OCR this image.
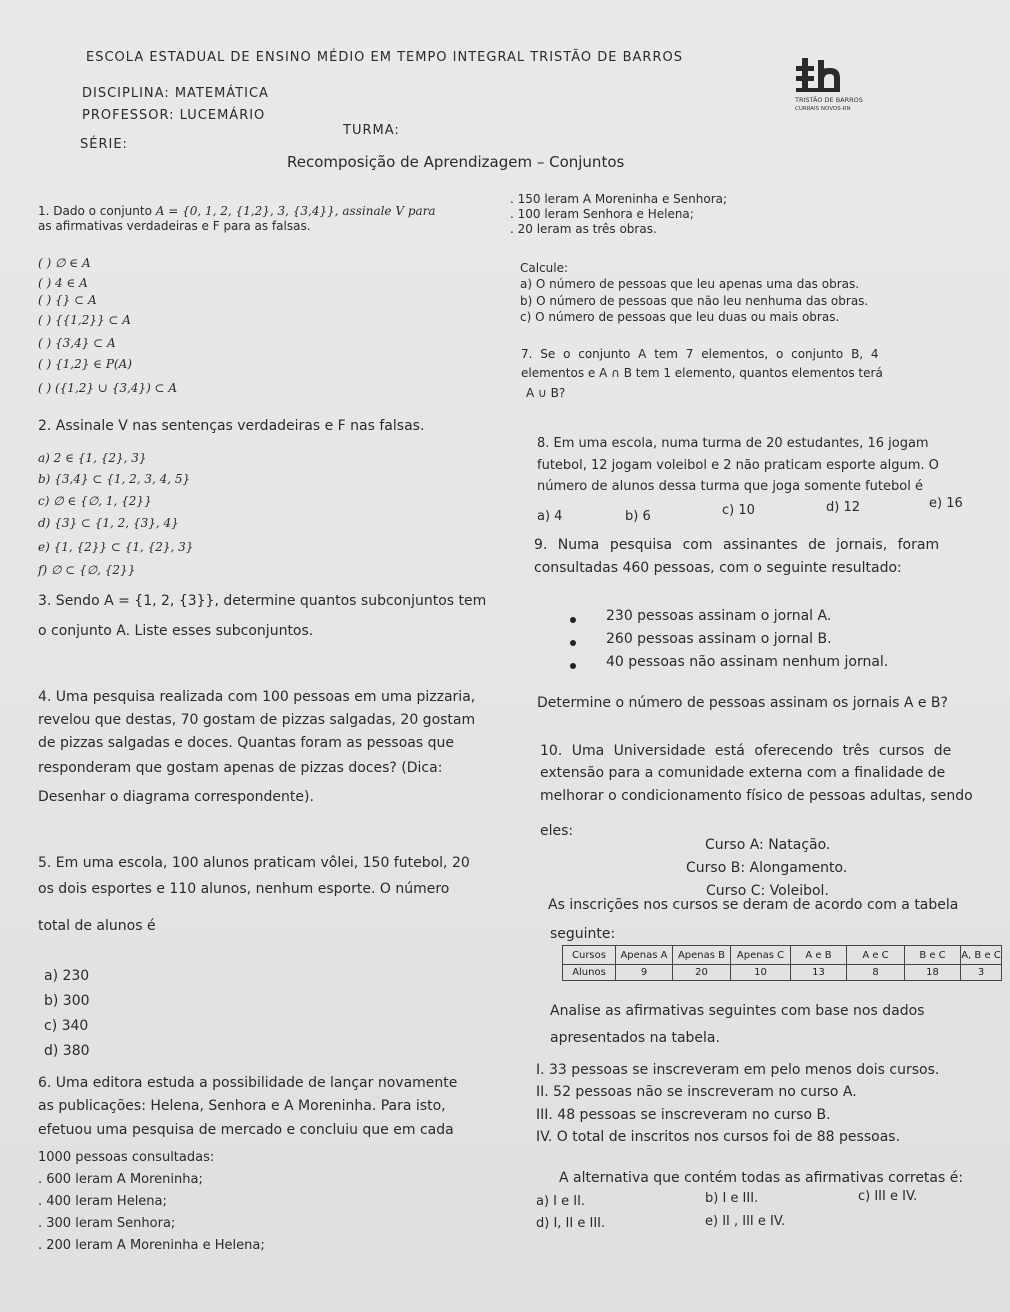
ESCOLA ESTADUAL DE ENSINO MÉDIO EM TEMPO INTEGRAL TRISTÃO DE BARROS
DISCIPLINA: MATEMÁTICA
PROFESSOR: LUCEMÁRIO
TURMA:
SÉRIE:
TRISTÃO DE BARROS
CURRAIS NOVOS-RN
Recomposição de Aprendizagem – Conjuntos
1. Dado o conjunto A = {0, 1, 2, {1,2}, 3, {3,4}}, assinale V para
as afirmativas verdadeiras e F para as falsas.
( ) ∅ ∈ A
( ) 4 ∈ A
( ) {} ⊂ A
( ) {{1,2}} ⊂ A
( ) {3,4} ⊂ A
( ) {1,2} ∈ P(A)
( ) ({1,2} ∪ {3,4}) ⊂ A
2. Assinale V nas sentenças verdadeiras e F nas falsas.
a) 2 ∈ {1, {2}, 3}
b) {3,4} ⊂ {1, 2, 3, 4, 5}
c) ∅ ∈ {∅, 1, {2}}
d) {3} ⊂ {1, 2, {3}, 4}
e) {1, {2}} ⊂ {1, {2}, 3}
f) ∅ ⊂ {∅, {2}}
3. Sendo A = {1, 2, {3}}, determine quantos subconjuntos tem
o conjunto A. Liste esses subconjuntos.
4. Uma pesquisa realizada com 100 pessoas em uma pizzaria,
revelou que destas, 70 gostam de pizzas salgadas, 20 gostam
de pizzas salgadas e doces. Quantas foram as pessoas que
responderam que gostam apenas de pizzas doces? (Dica:
Desenhar o diagrama correspondente).
5. Em uma escola, 100 alunos praticam vôlei, 150 futebol, 20
os dois esportes e 110 alunos, nenhum esporte. O número
total de alunos é
a) 230
b) 300
c) 340
d) 380
6. Uma editora estuda a possibilidade de lançar novamente
as publicações: Helena, Senhora e A Moreninha. Para isto,
efetuou uma pesquisa de mercado e concluiu que em cada
1000 pessoas consultadas:
. 600 leram A Moreninha;
. 400 leram Helena;
. 300 leram Senhora;
. 200 leram A Moreninha e Helena;
. 150 leram A Moreninha e Senhora;
. 100 leram Senhora e Helena;
. 20 leram as três obras.
Calcule:
a) O número de pessoas que leu apenas uma das obras.
b) O número de pessoas que não leu nenhuma das obras.
c) O número de pessoas que leu duas ou mais obras.
7. Se o conjunto A tem 7 elementos, o conjunto B, 4
elementos e A ∩ B tem 1 elemento, quantos elementos terá
A ∪ B?
8. Em uma escola, numa turma de 20 estudantes, 16 jogam
futebol, 12 jogam voleibol e 2 não praticam esporte algum. O
número de alunos dessa turma que joga somente futebol é
a) 4	b) 6	c) 10	d) 12	e) 16
9. Numa pesquisa com assinantes de jornais, foram
consultadas 460 pessoas, com o seguinte resultado:
230 pessoas assinam o jornal A.
260 pessoas assinam o jornal B.
40 pessoas não assinam nenhum jornal.
Determine o número de pessoas assinam os jornais A e B?
10. Uma Universidade está oferecendo três cursos de
extensão para a comunidade externa com a finalidade de
melhorar o condicionamento físico de pessoas adultas, sendo
eles:
Curso A: Natação.
Curso B: Alongamento.
Curso C: Voleibol.
As inscrições nos cursos se deram de acordo com a tabela
seguinte:
Cursos	Apenas A	Apenas B	Apenas C	A e B	A e C	B e C	A, B e C
Alunos	9	20	10	13	8	18	3
Analise as afirmativas seguintes com base nos dados
apresentados na tabela.
I. 33 pessoas se inscreveram em pelo menos dois cursos.
II. 52 pessoas não se inscreveram no curso A.
III. 48 pessoas se inscreveram no curso B.
IV. O total de inscritos nos cursos foi de 88 pessoas.
A alternativa que contém todas as afirmativas corretas é:
a) I e II.	b) I e III.	c) III e IV.
d) I, II e III.	e) II , III e IV.
